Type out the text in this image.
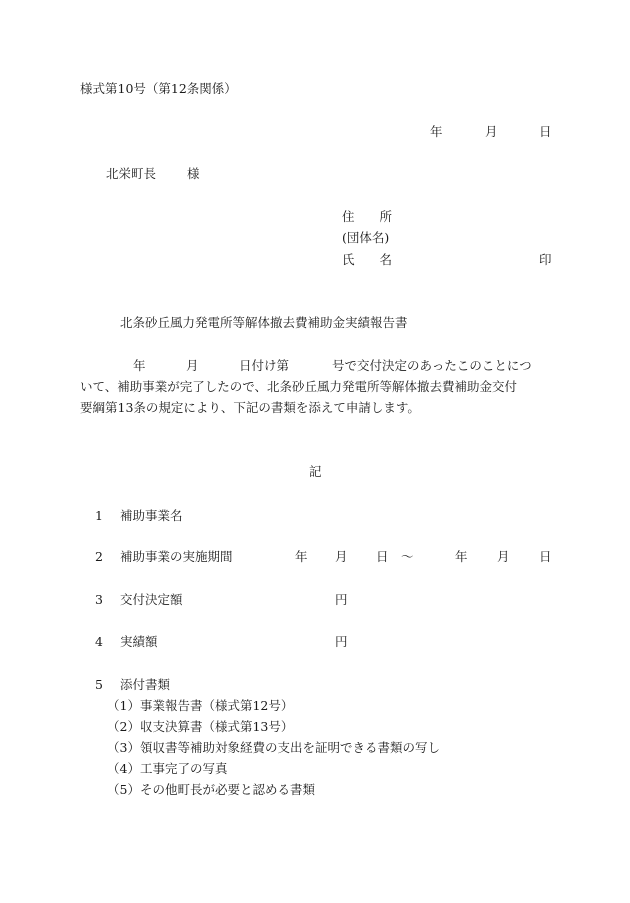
様式第10号（第12条関係）
年	月	日
北栄町長 様
住　　所
(団体名)
氏　　名	印
北条砂丘風力発電所等解体撤去費補助金実績報告書
年	月	日付け第	号で交付決定のあったこのことにつ
いて、補助事業が完了したので、北条砂丘風力発電所等解体撤去費補助金交付
要綱第13条の規定により、下記の書類を添えて申請します。
記
1 補助事業名
2 補助事業の実施期間	年 月 日 ～	年 月 日
3 交付決定額	円
4 実績額	円
5 添付書類
（1）事業報告書（様式第12号）
（2）収支決算書（様式第13号）
（3）領収書等補助対象経費の支出を証明できる書類の写し
（4）工事完了の写真
（5）その他町長が必要と認める書類
